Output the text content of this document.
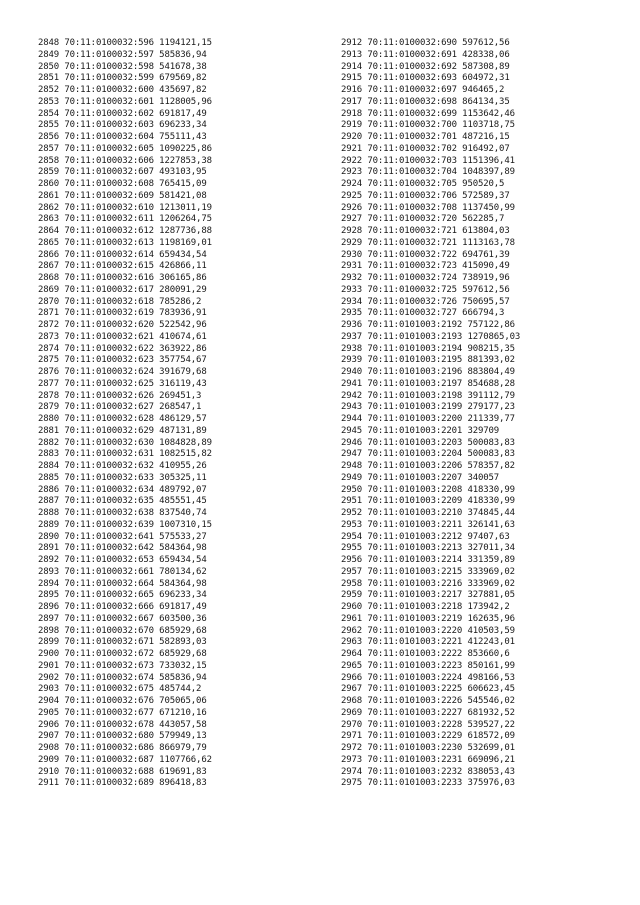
2848 70:11:0100032:596 1194121,15
2849 70:11:0100032:597 585836,94
2850 70:11:0100032:598 541678,38
2851 70:11:0100032:599 679569,82
2852 70:11:0100032:600 435697,82
2853 70:11:0100032:601 1128005,96
2854 70:11:0100032:602 691817,49
2855 70:11:0100032:603 696233,34
2856 70:11:0100032:604 755111,43
2857 70:11:0100032:605 1090225,86
2858 70:11:0100032:606 1227853,38
2859 70:11:0100032:607 493103,95
2860 70:11:0100032:608 765415,09
2861 70:11:0100032:609 581421,08
2862 70:11:0100032:610 1213011,19
2863 70:11:0100032:611 1206264,75
2864 70:11:0100032:612 1287736,88
2865 70:11:0100032:613 1198169,01
2866 70:11:0100032:614 659434,54
2867 70:11:0100032:615 426866,11
2868 70:11:0100032:616 306165,86
2869 70:11:0100032:617 280091,29
2870 70:11:0100032:618 785286,2
2871 70:11:0100032:619 783936,91
2872 70:11:0100032:620 522542,96
2873 70:11:0100032:621 410674,61
2874 70:11:0100032:622 363922,86
2875 70:11:0100032:623 357754,67
2876 70:11:0100032:624 391679,68
2877 70:11:0100032:625 316119,43
2878 70:11:0100032:626 269451,3
2879 70:11:0100032:627 268547,1
2880 70:11:0100032:628 486129,57
2881 70:11:0100032:629 487131,89
2882 70:11:0100032:630 1084828,89
2883 70:11:0100032:631 1082515,82
2884 70:11:0100032:632 410955,26
2885 70:11:0100032:633 305325,11
2886 70:11:0100032:634 489792,07
2887 70:11:0100032:635 485551,45
2888 70:11:0100032:638 837540,74
2889 70:11:0100032:639 1007310,15
2890 70:11:0100032:641 575533,27
2891 70:11:0100032:642 584364,98
2892 70:11:0100032:653 659434,54
2893 70:11:0100032:661 780134,62
2894 70:11:0100032:664 584364,98
2895 70:11:0100032:665 696233,34
2896 70:11:0100032:666 691817,49
2897 70:11:0100032:667 603500,36
2898 70:11:0100032:670 685929,68
2899 70:11:0100032:671 582893,03
2900 70:11:0100032:672 685929,68
2901 70:11:0100032:673 733032,15
2902 70:11:0100032:674 585836,94
2903 70:11:0100032:675 485744,2
2904 70:11:0100032:676 705065,06
2905 70:11:0100032:677 671210,16
2906 70:11:0100032:678 443057,58
2907 70:11:0100032:680 579949,13
2908 70:11:0100032:686 866979,79
2909 70:11:0100032:687 1107766,62
2910 70:11:0100032:688 619691,83
2911 70:11:0100032:689 896418,83
2912 70:11:0100032:690 597612,56
2913 70:11:0100032:691 428338,06
2914 70:11:0100032:692 587308,89
2915 70:11:0100032:693 604972,31
2916 70:11:0100032:697 946465,2
2917 70:11:0100032:698 864134,35
2918 70:11:0100032:699 1153642,46
2919 70:11:0100032:700 1103718,75
2920 70:11:0100032:701 487216,15
2921 70:11:0100032:702 916492,07
2922 70:11:0100032:703 1151396,41
2923 70:11:0100032:704 1048397,89
2924 70:11:0100032:705 950520,5
2925 70:11:0100032:706 572589,37
2926 70:11:0100032:708 1137450,99
2927 70:11:0100032:720 562285,7
2928 70:11:0100032:721 613804,03
2929 70:11:0100032:721 1113163,78
2930 70:11:0100032:722 694761,39
2931 70:11:0100032:723 415090,49
2932 70:11:0100032:724 738919,96
2933 70:11:0100032:725 597612,56
2934 70:11:0100032:726 750695,57
2935 70:11:0100032:727 666794,3
2936 70:11:0101003:2192 757122,86
2937 70:11:0101003:2193 1270865,03
2938 70:11:0101003:2194 908215,35
2939 70:11:0101003:2195 881393,02
2940 70:11:0101003:2196 883804,49
2941 70:11:0101003:2197 854688,28
2942 70:11:0101003:2198 391112,79
2943 70:11:0101003:2199 279177,23
2944 70:11:0101003:2200 211339,77
2945 70:11:0101003:2201 329709
2946 70:11:0101003:2203 500083,83
2947 70:11:0101003:2204 500083,83
2948 70:11:0101003:2206 578357,82
2949 70:11:0101003:2207 340057
2950 70:11:0101003:2208 418330,99
2951 70:11:0101003:2209 418330,99
2952 70:11:0101003:2210 374845,44
2953 70:11:0101003:2211 326141,63
2954 70:11:0101003:2212 97407,63
2955 70:11:0101003:2213 327011,34
2956 70:11:0101003:2214 331359,89
2957 70:11:0101003:2215 333969,02
2958 70:11:0101003:2216 333969,02
2959 70:11:0101003:2217 327881,05
2960 70:11:0101003:2218 173942,2
2961 70:11:0101003:2219 162635,96
2962 70:11:0101003:2220 410503,59
2963 70:11:0101003:2221 412243,01
2964 70:11:0101003:2222 853660,6
2965 70:11:0101003:2223 850161,99
2966 70:11:0101003:2224 498166,53
2967 70:11:0101003:2225 606623,45
2968 70:11:0101003:2226 545546,02
2969 70:11:0101003:2227 681932,52
2970 70:11:0101003:2228 539527,22
2971 70:11:0101003:2229 618572,09
2972 70:11:0101003:2230 532699,01
2973 70:11:0101003:2231 669096,21
2974 70:11:0101003:2232 838053,43
2975 70:11:0101003:2233 375976,03
